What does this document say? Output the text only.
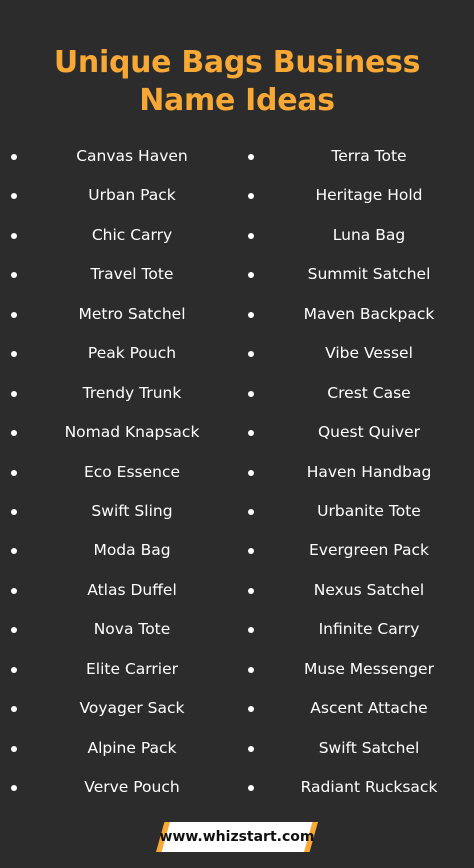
Unique Bags Business
Name Ideas
Canvas Haven
Urban Pack
Chic Carry
Travel Tote
Metro Satchel
Peak Pouch
Trendy Trunk
Nomad Knapsack
Eco Essence
Swift Sling
Moda Bag
Atlas Duffel
Nova Tote
Elite Carrier
Voyager Sack
Alpine Pack
Verve Pouch
Terra Tote
Heritage Hold
Luna Bag
Summit Satchel
Maven Backpack
Vibe Vessel
Crest Case
Quest Quiver
Haven Handbag
Urbanite Tote
Evergreen Pack
Nexus Satchel
Infinite Carry
Muse Messenger
Ascent Attache
Swift Satchel
Radiant Rucksack
www.whizstart.com
